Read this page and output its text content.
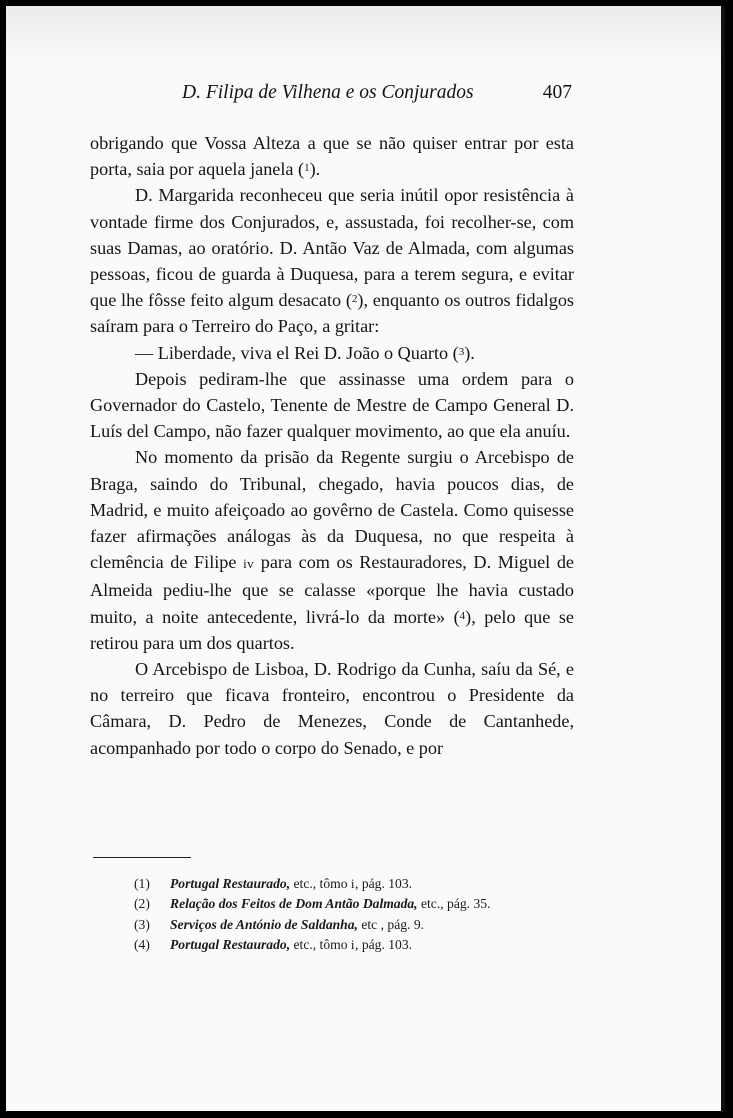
D. Filipa de Vilhena e os Conjurados	407

obrigando que Vossa Alteza a que se não quiser entrar por esta porta, saia por aquela janela ($^1$).

D. Margarida reconheceu que seria inútil opor resistência à vontade firme dos Conjurados, e, assustada, foi recolher-se, com suas Damas, ao oratório. D. Antão Vaz de Almada, com algumas pessoas, ficou de guarda à Duquesa, para a terem segura, e evitar que lhe fôsse feito algum desacato ($^2$), enquanto os outros fidalgos saíram para o Terreiro do Paço, a gritar:

— Liberdade, viva el Rei D. João o Quarto ($^3$).

Depois pediram-lhe que assinasse uma ordem para o Governador do Castelo, Tenente de Mestre de Campo General D. Luís del Campo, não fazer qualquer movimento, ao que ela anuíu.

No momento da prisão da Regente surgiu o Arcebispo de Braga, saindo do Tribunal, chegado, havia poucos dias, de Madrid, e muito afeiçoado ao govêrno de Castela. Como quisesse fazer afirmações análogas às da Duquesa, no que respeita à clemência de Filipe iv para com os Restauradores, D. Miguel de Almeida pediu-lhe que se calasse «porque lhe havia custado muito, a noite antecedente, livrá-lo da morte» ($^4$), pelo que se retirou para um dos quartos.

O Arcebispo de Lisboa, D. Rodrigo da Cunha, saíu da Sé, e no terreiro que ficava fronteiro, encontrou o Presidente da Câmara, D. Pedro de Menezes, Conde de Cantanhede, acompanhado por todo o corpo do Senado, e por

(1) Portugal Restaurado, etc., tômo i, pág. 103.
(2) Relação dos Feitos de Dom Antão Dalmada, etc., pág. 35.
(3) Serviços de António de Saldanha, etc , pág. 9.
(4) Portugal Restaurado, etc., tômo i, pág. 103.
